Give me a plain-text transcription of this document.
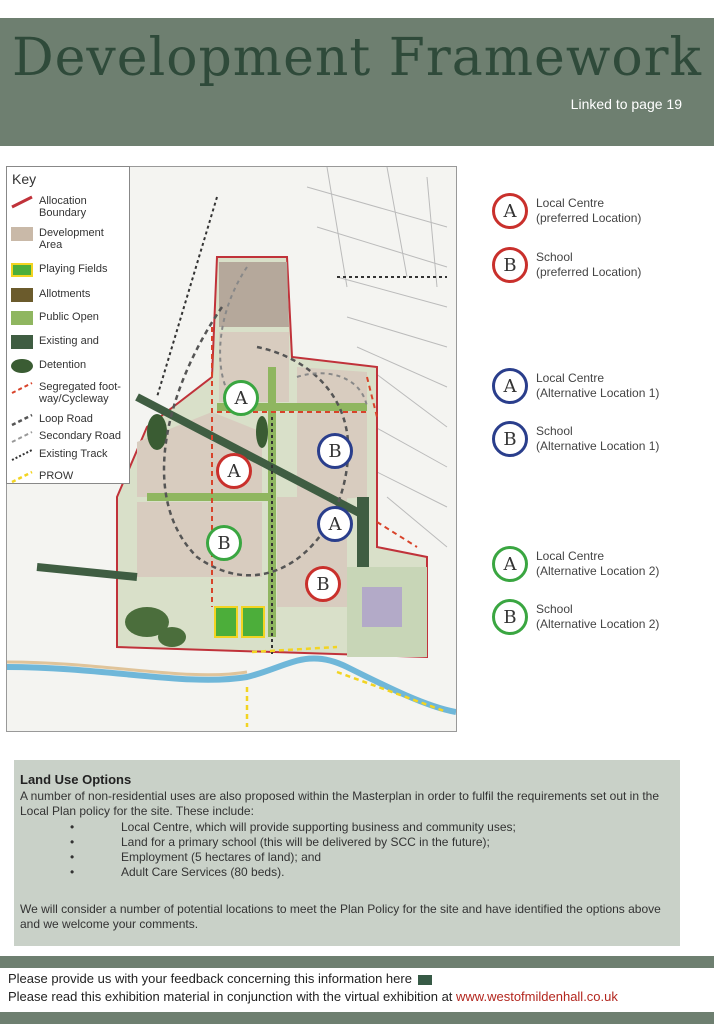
Development Framework
Linked to page 19
A
B
A
A
B
B
Key
Allocation Boundary
Development Area
Playing Fields
Allotments
Public Open
Existing and
Detention
Segregated foot-way/Cycleway
Loop Road
Secondary Road
Existing Track
PROW
A Local Centre
(preferred Location)
B School
(preferred Location)
A Local Centre
(Alternative Location 1)
B School
(Alternative Location 1)
A Local Centre
(Alternative Location 2)
B School
(Alternative Location 2)
Land Use Options

A number of non-residential uses are also proposed within the Masterplan in order to fulfil the requirements set out in the Local Plan policy for the site. These include:

• Local Centre, which will provide supporting business and community uses;
• Land for a primary school (this will be delivered by SCC in the future);
• Employment (5 hectares of land); and
• Adult Care Services (80 beds).

We will consider a number of potential locations to meet the Plan Policy for the site and have identified the options above and we welcome your comments.

Please provide us with your feedback concerning this information here
Please read this exhibition material in conjunction with the virtual exhibition at www.westofmildenhall.co.uk
